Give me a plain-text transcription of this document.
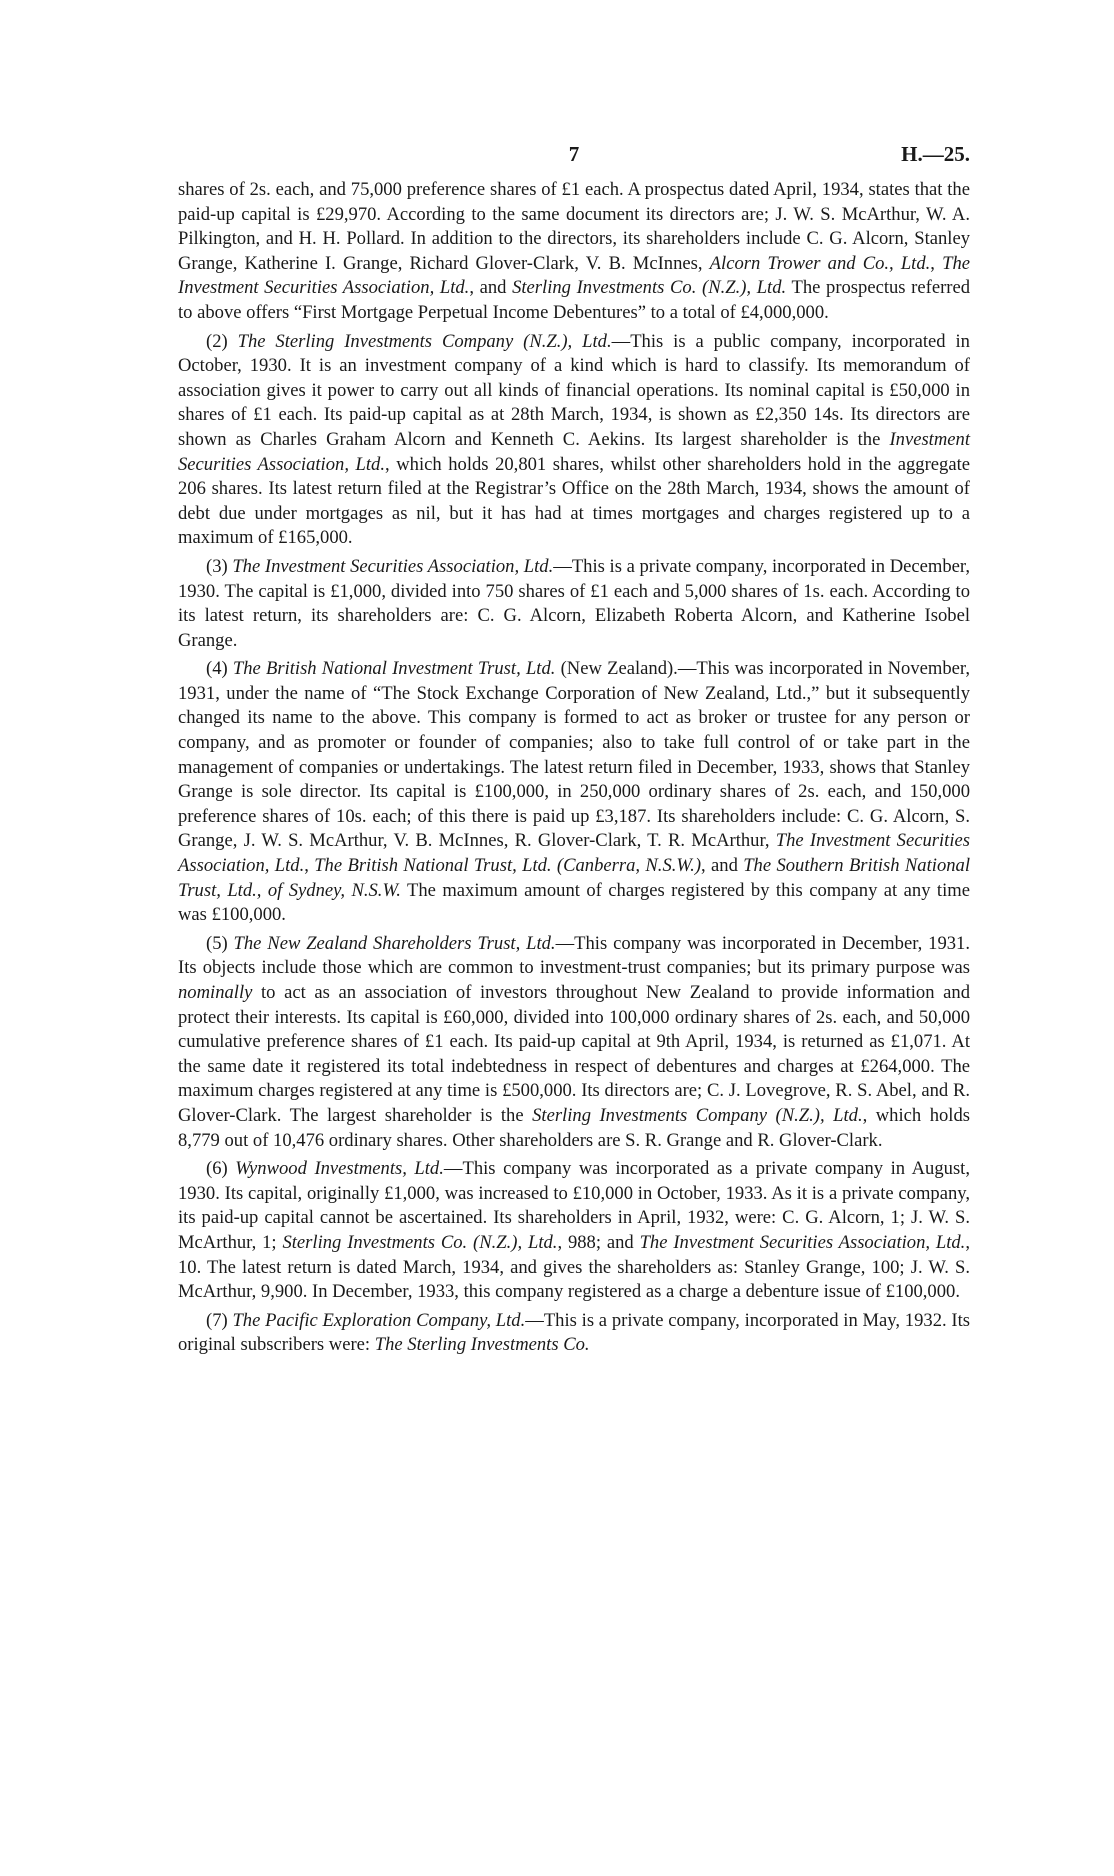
7	H.—25.

shares of 2s. each, and 75,000 preference shares of £1 each. A prospectus dated April, 1934, states that the paid-up capital is £29,970. According to the same document its directors are; J. W. S. McArthur, W. A. Pilkington, and H. H. Pollard. In addition to the directors, its shareholders include C. G. Alcorn, Stanley Grange, Katherine I. Grange, Richard Glover-Clark, V. B. McInnes, Alcorn Trower and Co., Ltd., The Investment Securities Association, Ltd., and Sterling Investments Co. (N.Z.), Ltd. The prospectus referred to above offers “First Mortgage Perpetual Income Debentures” to a total of £4,000,000.

(2) The Sterling Investments Company (N.Z.), Ltd.—This is a public company, incorporated in October, 1930. It is an investment company of a kind which is hard to classify. Its memorandum of association gives it power to carry out all kinds of financial operations. Its nominal capital is £50,000 in shares of £1 each. Its paid-up capital as at 28th March, 1934, is shown as £2,350 14s. Its directors are shown as Charles Graham Alcorn and Kenneth C. Aekins. Its largest shareholder is the Investment Securities Association, Ltd., which holds 20,801 shares, whilst other shareholders hold in the aggregate 206 shares. Its latest return filed at the Registrar’s Office on the 28th March, 1934, shows the amount of debt due under mortgages as nil, but it has had at times mortgages and charges registered up to a maximum of £165,000.

(3) The Investment Securities Association, Ltd.—This is a private company, incorporated in December, 1930. The capital is £1,000, divided into 750 shares of £1 each and 5,000 shares of 1s. each. According to its latest return, its shareholders are: C. G. Alcorn, Elizabeth Roberta Alcorn, and Katherine Isobel Grange.

(4) The British National Investment Trust, Ltd. (New Zealand).—This was incorporated in November, 1931, under the name of “The Stock Exchange Corporation of New Zealand, Ltd.,” but it subsequently changed its name to the above. This company is formed to act as broker or trustee for any person or company, and as promoter or founder of companies; also to take full control of or take part in the management of companies or undertakings. The latest return filed in December, 1933, shows that Stanley Grange is sole director. Its capital is £100,000, in 250,000 ordinary shares of 2s. each, and 150,000 preference shares of 10s. each; of this there is paid up £3,187. Its shareholders include: C. G. Alcorn, S. Grange, J. W. S. McArthur, V. B. McInnes, R. Glover-Clark, T. R. McArthur, The Investment Securities Association, Ltd., The British National Trust, Ltd. (Canberra, N.S.W.), and The Southern British National Trust, Ltd., of Sydney, N.S.W. The maximum amount of charges registered by this company at any time was £100,000.

(5) The New Zealand Shareholders Trust, Ltd.—This company was incorporated in December, 1931. Its objects include those which are common to investment-trust companies; but its primary purpose was nominally to act as an association of investors throughout New Zealand to provide information and protect their interests. Its capital is £60,000, divided into 100,000 ordinary shares of 2s. each, and 50,000 cumulative preference shares of £1 each. Its paid-up capital at 9th April, 1934, is returned as £1,071. At the same date it registered its total indebtedness in respect of debentures and charges at £264,000. The maximum charges registered at any time is £500,000. Its directors are; C. J. Lovegrove, R. S. Abel, and R. Glover-Clark. The largest shareholder is the Sterling Investments Company (N.Z.), Ltd., which holds 8,779 out of 10,476 ordinary shares. Other shareholders are S. R. Grange and R. Glover-Clark.

(6) Wynwood Investments, Ltd.—This company was incorporated as a private company in August, 1930. Its capital, originally £1,000, was increased to £10,000 in October, 1933. As it is a private company, its paid-up capital cannot be ascertained. Its shareholders in April, 1932, were: C. G. Alcorn, 1; J. W. S. McArthur, 1; Sterling Investments Co. (N.Z.), Ltd., 988; and The Investment Securities Association, Ltd., 10. The latest return is dated March, 1934, and gives the shareholders as: Stanley Grange, 100; J. W. S. McArthur, 9,900. In December, 1933, this company registered as a charge a debenture issue of £100,000.

(7) The Pacific Exploration Company, Ltd.—This is a private company, incorporated in May, 1932. Its original subscribers were: The Sterling Investments Co.
